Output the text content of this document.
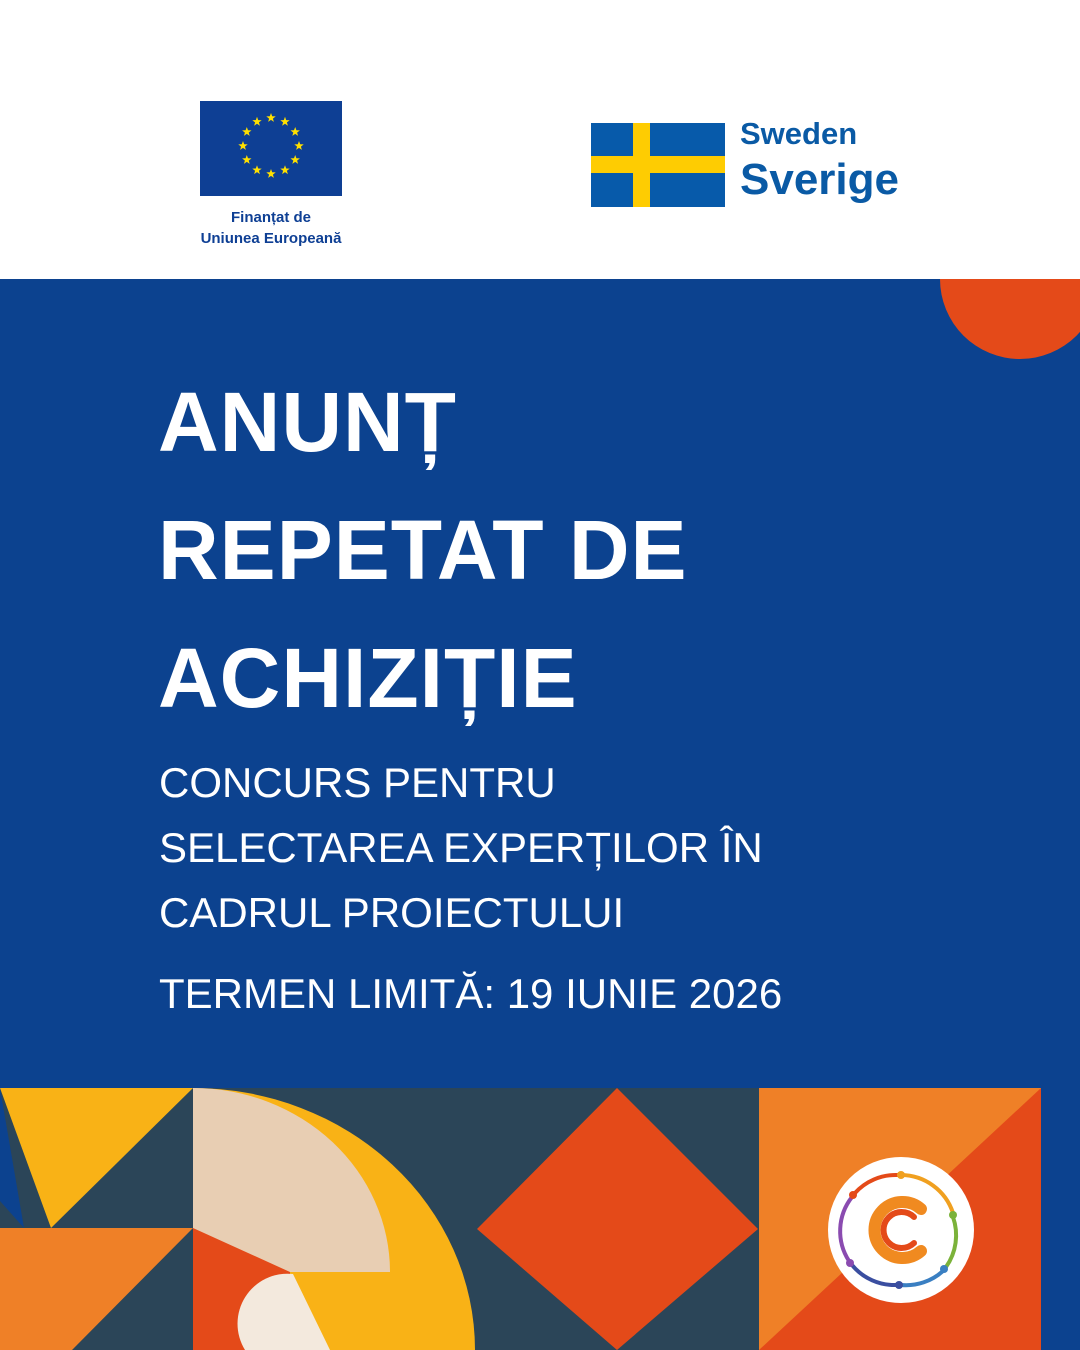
Finanțat de
Uniunea Europeană
Sweden
Sverige
ANUNȚ
REPETAT DE
ACHIZIȚIE
CONCURS PENTRU
SELECTAREA EXPERȚILOR ÎN
CADRUL PROIECTULUI
TERMEN LIMITĂ: 19 IUNIE 2026
